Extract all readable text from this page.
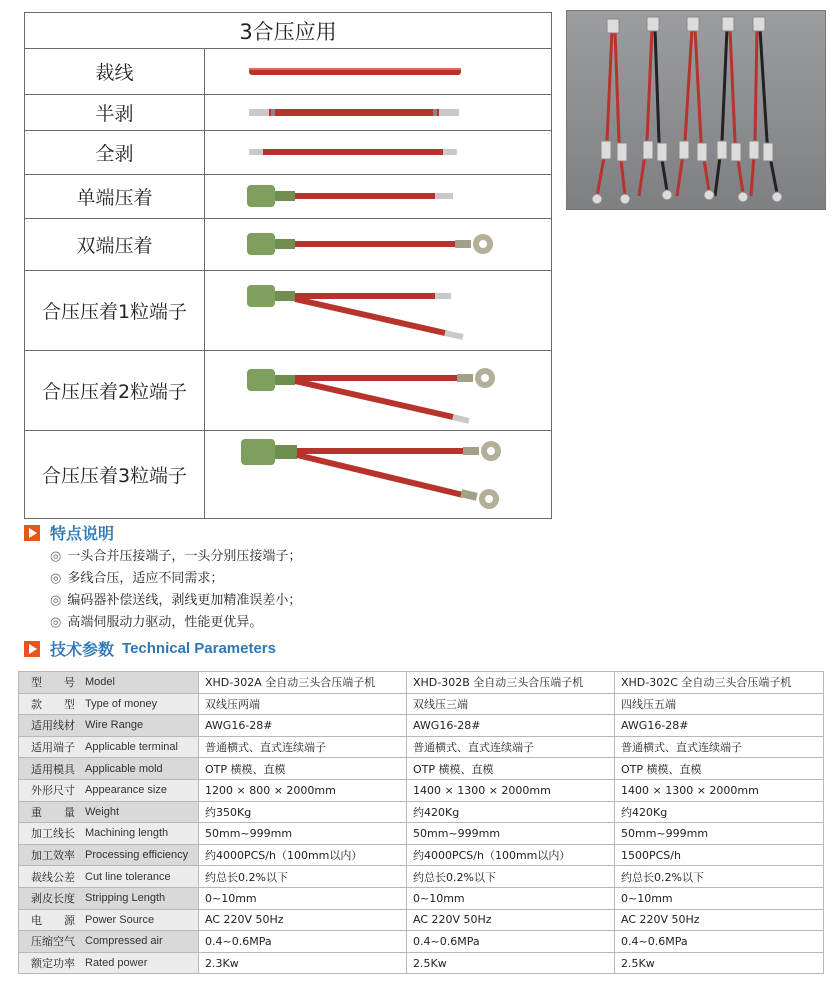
3合压应用
裁线
半剥
全剥
单端压着
双端压着
合压压着1粒端子
合压压着2粒端子
合压压着3粒端子
特点说明
◎ 一头合并压接端子，一头分别压接端子；
◎ 多线合压，适应不同需求；
◎ 编码器补偿送线，剥线更加精准误差小；
◎ 高端伺服动力驱动，性能更优异。
技术参数 Technical Parameters
型　　号 Model	XHD-302A 全自动三头合压端子机	XHD-302B 全自动三头合压端子机	XHD-302C 全自动三头合压端子机

款　　型 Type of money	双线压两端	双线压三端	四线压五端

适用线材 Wire Range	AWG16-28#	AWG16-28#	AWG16-28#

适用端子 Applicable terminal	普通横式、直式连续端子	普通横式、直式连续端子	普通横式、直式连续端子

适用模具 Applicable mold	OTP 横模、直模	OTP 横模、直模	OTP 横模、直模

外形尺寸 Appearance size	1200 × 800 × 2000mm	1400 × 1300 × 2000mm	1400 × 1300 × 2000mm

重　　量 Weight	约350Kg	约420Kg	约420Kg

加工线长 Machining length	50mm~999mm	50mm~999mm	50mm~999mm

加工效率 Processing efficiency	约4000PCS/h（100mm以内）	约4000PCS/h（100mm以内）	1500PCS/h

裁线公差 Cut line tolerance	约总长0.2%以下	约总长0.2%以下	约总长0.2%以下

剥皮长度 Stripping Length	0~10mm	0~10mm	0~10mm

电　　源 Power Source	AC 220V 50Hz	AC 220V 50Hz	AC 220V 50Hz

压缩空气 Compressed air	0.4~0.6MPa	0.4~0.6MPa	0.4~0.6MPa

额定功率 Rated power	2.3Kw	2.5Kw	2.5Kw
